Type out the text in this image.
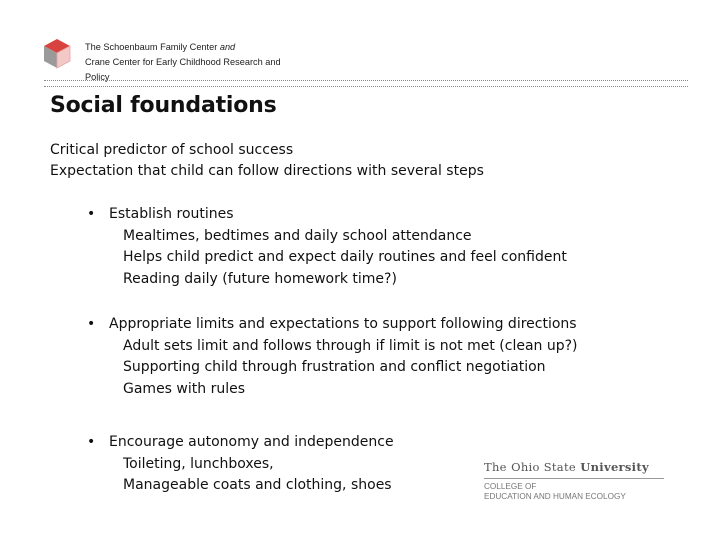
The Schoenbaum Family Center and
Crane Center for Early Childhood Research and
Policy
Social foundations
Critical predictor of school success
Expectation that child can follow directions with several steps
• Establish routines
Mealtimes, bedtimes and daily school attendance
Helps child predict and expect daily routines and feel confident
Reading daily (future homework time?)
• Appropriate limits and expectations to support following directions
Adult sets limit and follows through if limit is not met (clean up?)
Supporting child through frustration and conflict negotiation
Games with rules
• Encourage autonomy and independence
Toileting, lunchboxes,
Manageable coats and clothing, shoes
The Ohio State University
COLLEGE OF
EDUCATION AND HUMAN ECOLOGY
